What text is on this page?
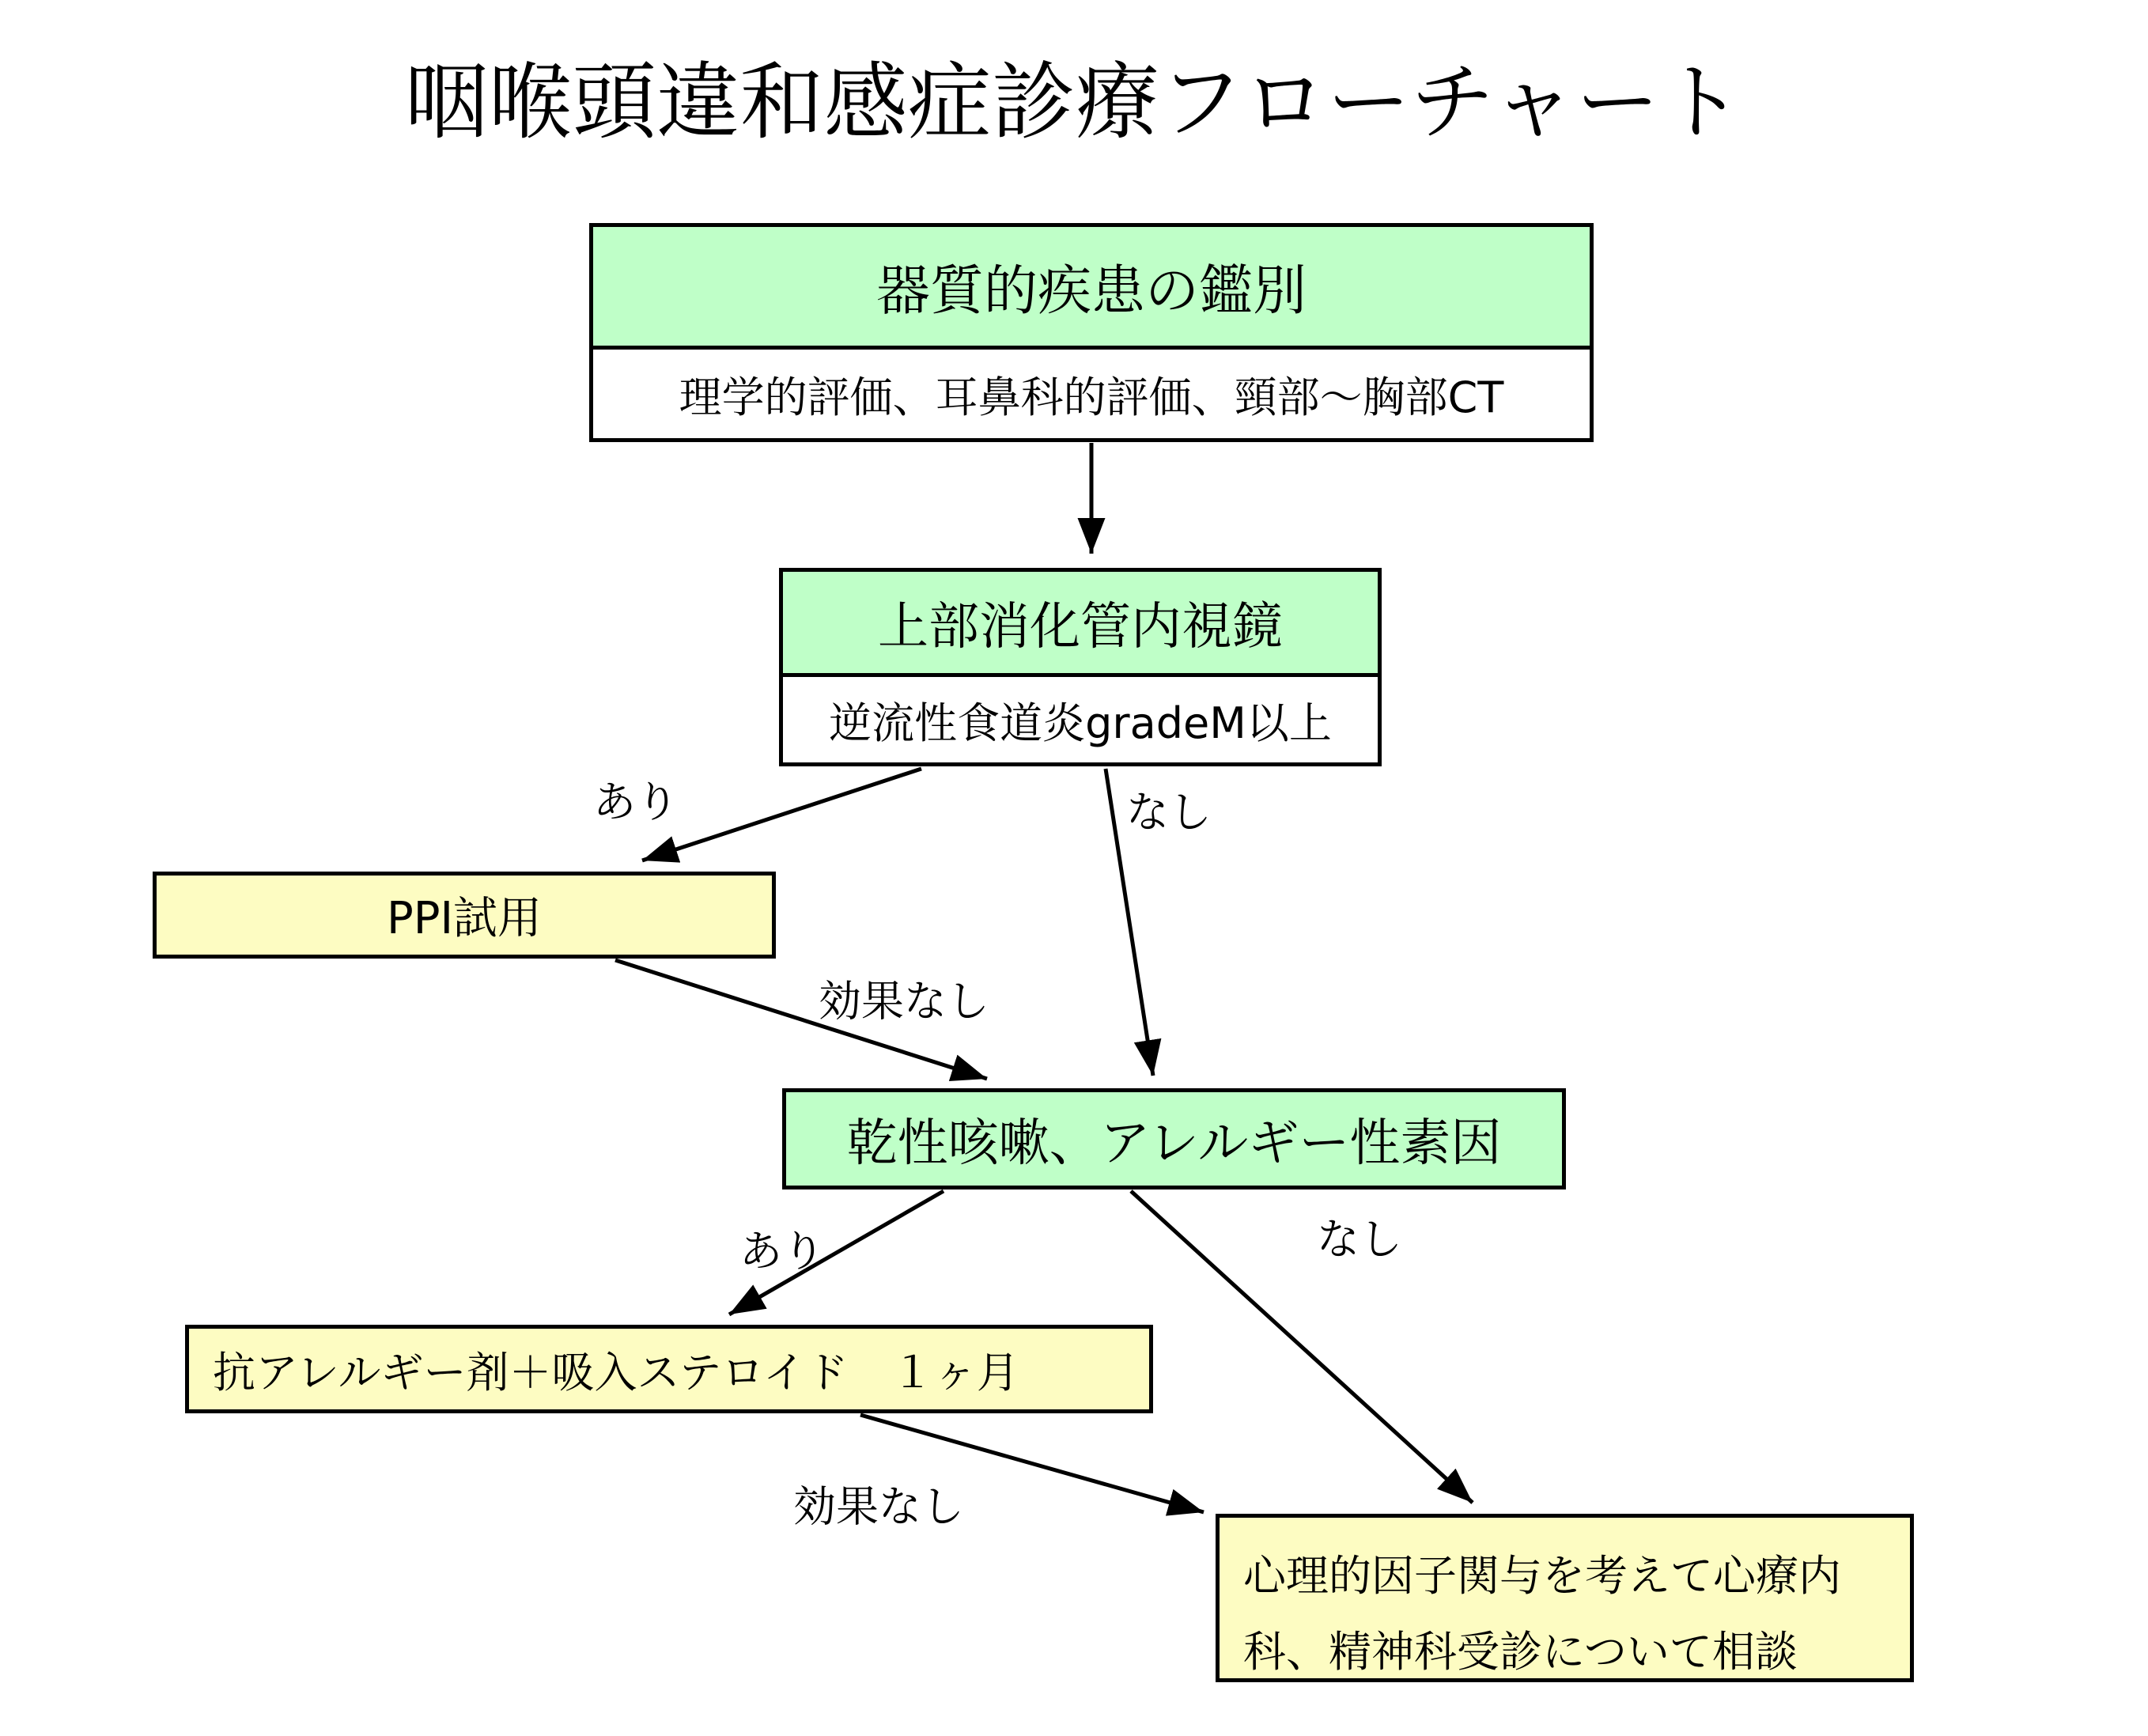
咽喉頭違和感症診療フローチャート
器質的疾患の鑑別
理学的評価、耳鼻科的評価、頸部〜胸部CT
上部消化管内視鏡
逆流性食道炎gradeM以上
PPI試用
乾性咳嗽、アレルギー性素因
抗アレルギー剤＋吸入ステロイド　１ヶ月
心理的因子関与を考えて心療内
科、精神科受診について相談
あり	なし
効果なし
あり	なし
効果なし
